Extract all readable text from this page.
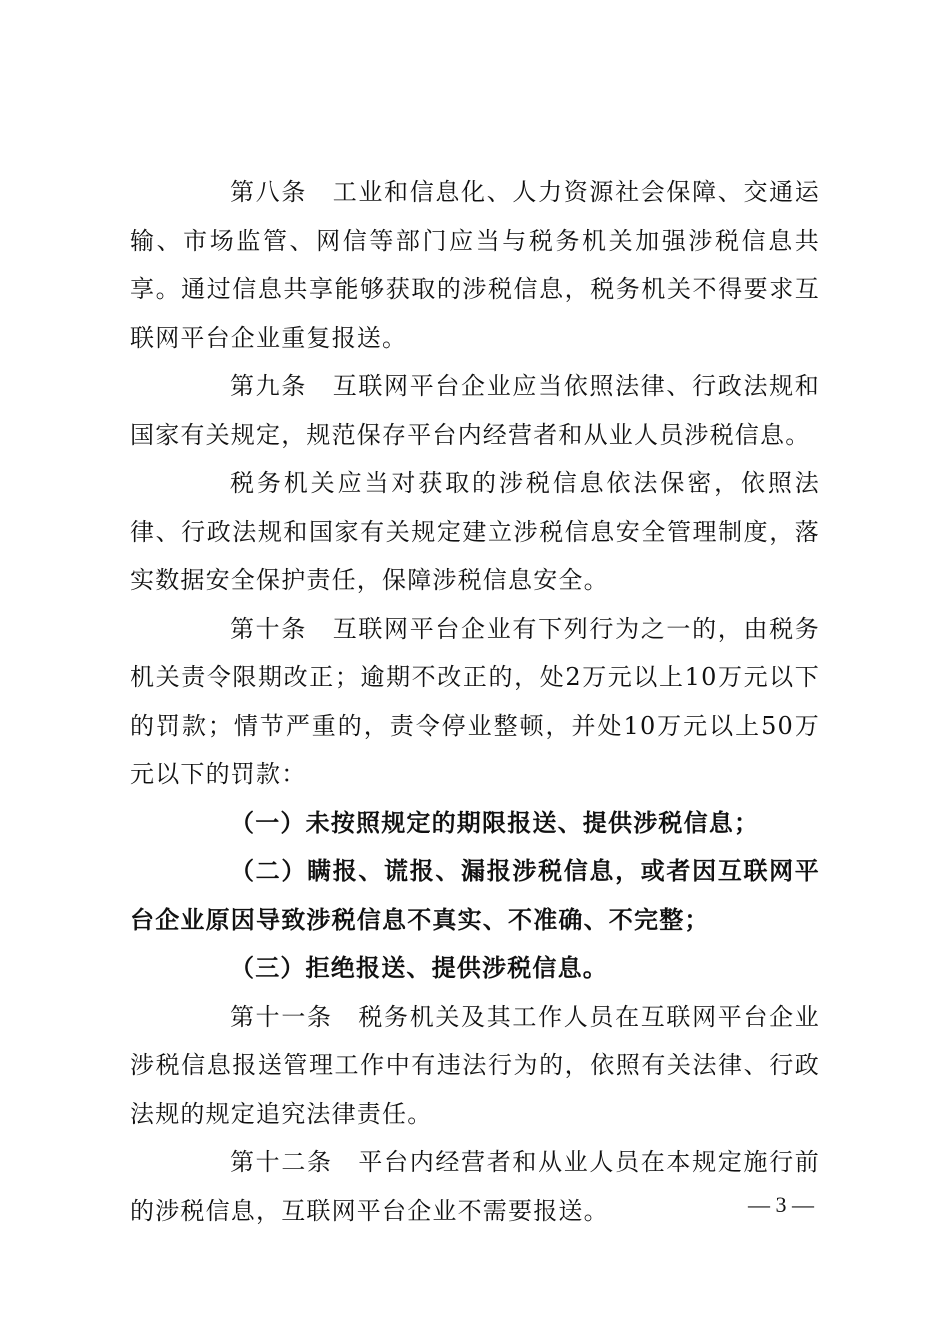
第八条　工业和信息化、人力资源社会保障、交通运输、市场监管、网信等部门应当与税务机关加强涉税信息共享。通过信息共享能够获取的涉税信息，税务机关不得要求互联网平台企业重复报送。

第九条　互联网平台企业应当依照法律、行政法规和国家有关规定，规范保存平台内经营者和从业人员涉税信息。

税务机关应当对获取的涉税信息依法保密，依照法律、行政法规和国家有关规定建立涉税信息安全管理制度，落实数据安全保护责任，保障涉税信息安全。

第十条　互联网平台企业有下列行为之一的，由税务机关责令限期改正；逾期不改正的，处2万元以上10万元以下的罚款；情节严重的，责令停业整顿，并处10万元以上50万元以下的罚款：

（一）未按照规定的期限报送、提供涉税信息；

（二）瞒报、谎报、漏报涉税信息，或者因互联网平台企业原因导致涉税信息不真实、不准确、不完整；

（三）拒绝报送、提供涉税信息。

第十一条　税务机关及其工作人员在互联网平台企业涉税信息报送管理工作中有违法行为的，依照有关法律、行政法规的规定追究法律责任。

第十二条　平台内经营者和从业人员在本规定施行前的涉税信息，互联网平台企业不需要报送。	— 3 —
